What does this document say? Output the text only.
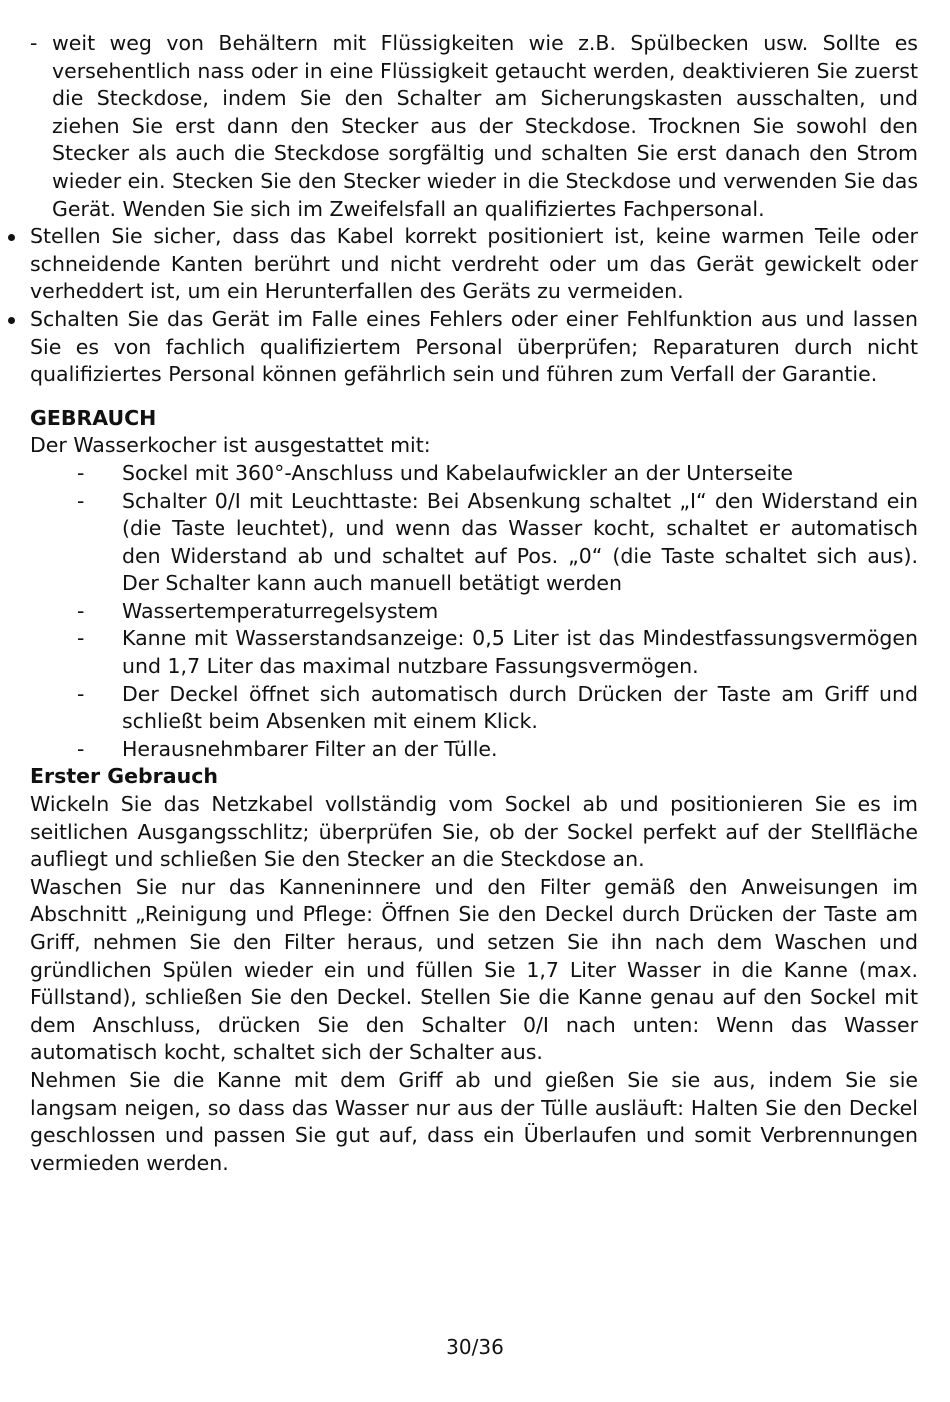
- weit weg von Behältern mit Flüssigkeiten wie z.B. Spülbecken usw. Sollte es versehentlich nass oder in eine Flüssigkeit getaucht werden, deaktivieren Sie zuerst die Steckdose, indem Sie den Schalter am Sicherungskasten ausschalten, und ziehen Sie erst dann den Stecker aus der Steckdose. Trocknen Sie sowohl den Stecker als auch die Steckdose sorgfältig und schalten Sie erst danach den Strom wieder ein. Stecken Sie den Stecker wieder in die Steckdose und verwenden Sie das Gerät. Wenden Sie sich im Zweifelsfall an qualifiziertes Fachpersonal.

Stellen Sie sicher, dass das Kabel korrekt positioniert ist, keine warmen Teile oder schneidende Kanten berührt und nicht verdreht oder um das Gerät gewickelt oder verheddert ist, um ein Herunterfallen des Geräts zu vermeiden.
Schalten Sie das Gerät im Falle eines Fehlers oder einer Fehlfunktion aus und lassen Sie es von fachlich qualifiziertem Personal überprüfen; Reparaturen durch nicht qualifiziertes Personal können gefährlich sein und führen zum Verfall der Garantie.
GEBRAUCH

Der Wasserkocher ist ausgestattet mit:

- Sockel mit 360°-Anschluss und Kabelaufwickler an der Unterseite
- Schalter 0/I mit Leuchttaste: Bei Absenkung schaltet „I“ den Widerstand ein (die Taste leuchtet), und wenn das Wasser kocht, schaltet er automatisch den Widerstand ab und schaltet auf Pos. „0“ (die Taste schaltet sich aus). Der Schalter kann auch manuell betätigt werden
- Wassertemperaturregelsystem
- Kanne mit Wasserstandsanzeige: 0,5 Liter ist das Mindestfassungsvermögen und 1,7 Liter das maximal nutzbare Fassungsvermögen.
- Der Deckel öffnet sich automatisch durch Drücken der Taste am Griff und schließt beim Absenken mit einem Klick.
- Herausnehmbarer Filter an der Tülle.
Erster Gebrauch

Wickeln Sie das Netzkabel vollständig vom Sockel ab und positionieren Sie es im seitlichen Ausgangsschlitz; überprüfen Sie, ob der Sockel perfekt auf der Stellfläche aufliegt und schließen Sie den Stecker an die Steckdose an.

Waschen Sie nur das Kanneninnere und den Filter gemäß den Anweisungen im Abschnitt „Reinigung und Pflege: Öffnen Sie den Deckel durch Drücken der Taste am Griff, nehmen Sie den Filter heraus, und setzen Sie ihn nach dem Waschen und gründlichen Spülen wieder ein und füllen Sie 1,7 Liter Wasser in die Kanne (max. Füllstand), schließen Sie den Deckel. Stellen Sie die Kanne genau auf den Sockel mit dem Anschluss, drücken Sie den Schalter 0/I nach unten: Wenn das Wasser automatisch kocht, schaltet sich der Schalter aus.

Nehmen Sie die Kanne mit dem Griff ab und gießen Sie sie aus, indem Sie sie langsam neigen, so dass das Wasser nur aus der Tülle ausläuft: Halten Sie den Deckel geschlossen und passen Sie gut auf, dass ein Überlaufen und somit Verbrennungen vermieden werden.

30/36
